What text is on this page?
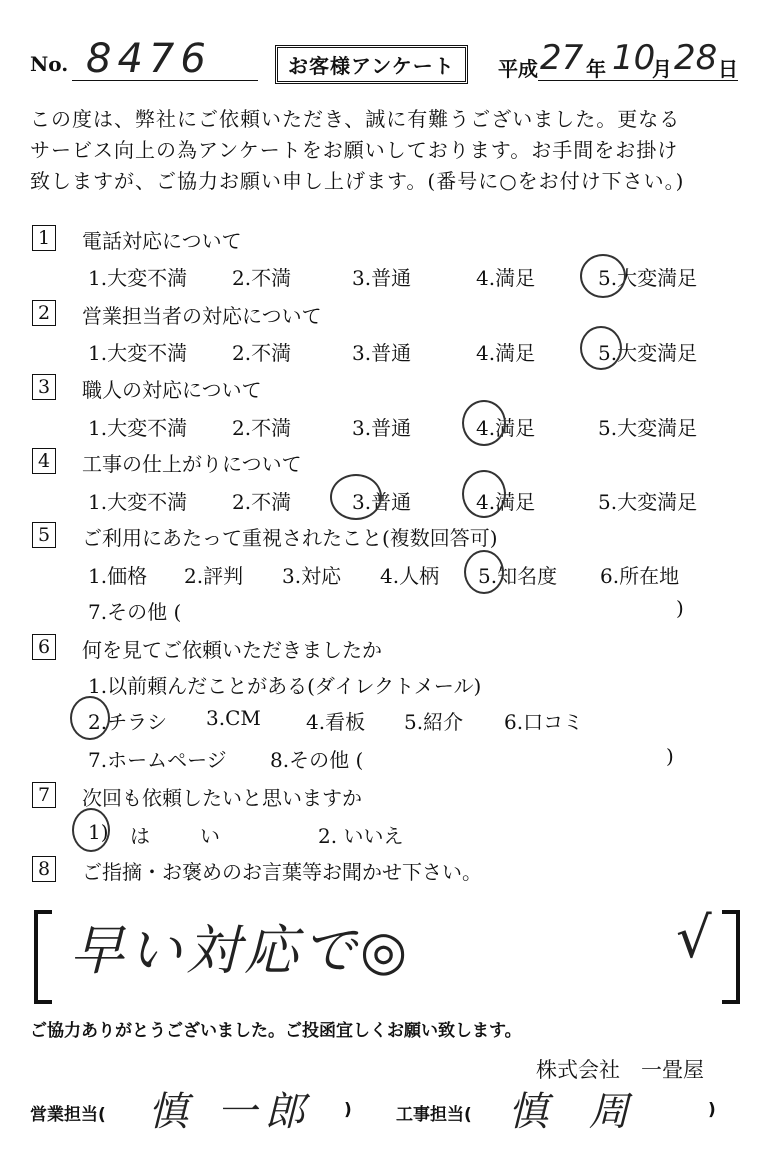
No. 8476	お客様アンケート	平成 27 年 10
月 28 日
この度は、弊社にご依頼いただき、誠に有難うございました。更なる
サービス向上の為アンケートをお願いしております。お手間をお掛け
致しますが、ご協力お願い申し上げます。(番号に○をお付け下さい。)
1 電話対応について
1.大変不満 2.不満	3.普通	4.満足	5.大変満足
2 営業担当者の対応について
1.大変不満 2.不満	3.普通	4.満足	5.大変満足
3 職人の対応について
1.大変不満 2.不満	3.普通	4.満足	5.大変満足
4 工事の仕上がりについて
1.大変不満 2.不満	3.普通	4.満足	5.大変満足
5 ご利用にあたって重視されたこと(複数回答可)
1.価格 2.評判 3.対応 4.人柄 5.知名度 6.所在地
7.その他 (	)
6 何を見てご依頼いただきましたか
1.以前頼んだことがある(ダイレクトメール)
2.チラシ 3.CM 4.看板 5.紹介 6.口コミ
7.ホームページ 8.その他 (	)
7 次回も依頼したいと思いますか
1) は	い	2. いいえ
8 ご指摘・お褒めのお言葉等お聞かせ下さい。
早い対応で◎	√
ご協力ありがとうございました。ご投函宜しくお願い致します。
株式会社　一畳屋
営業担当( 慎 一郎 )	工事担当( 慎 周	)
